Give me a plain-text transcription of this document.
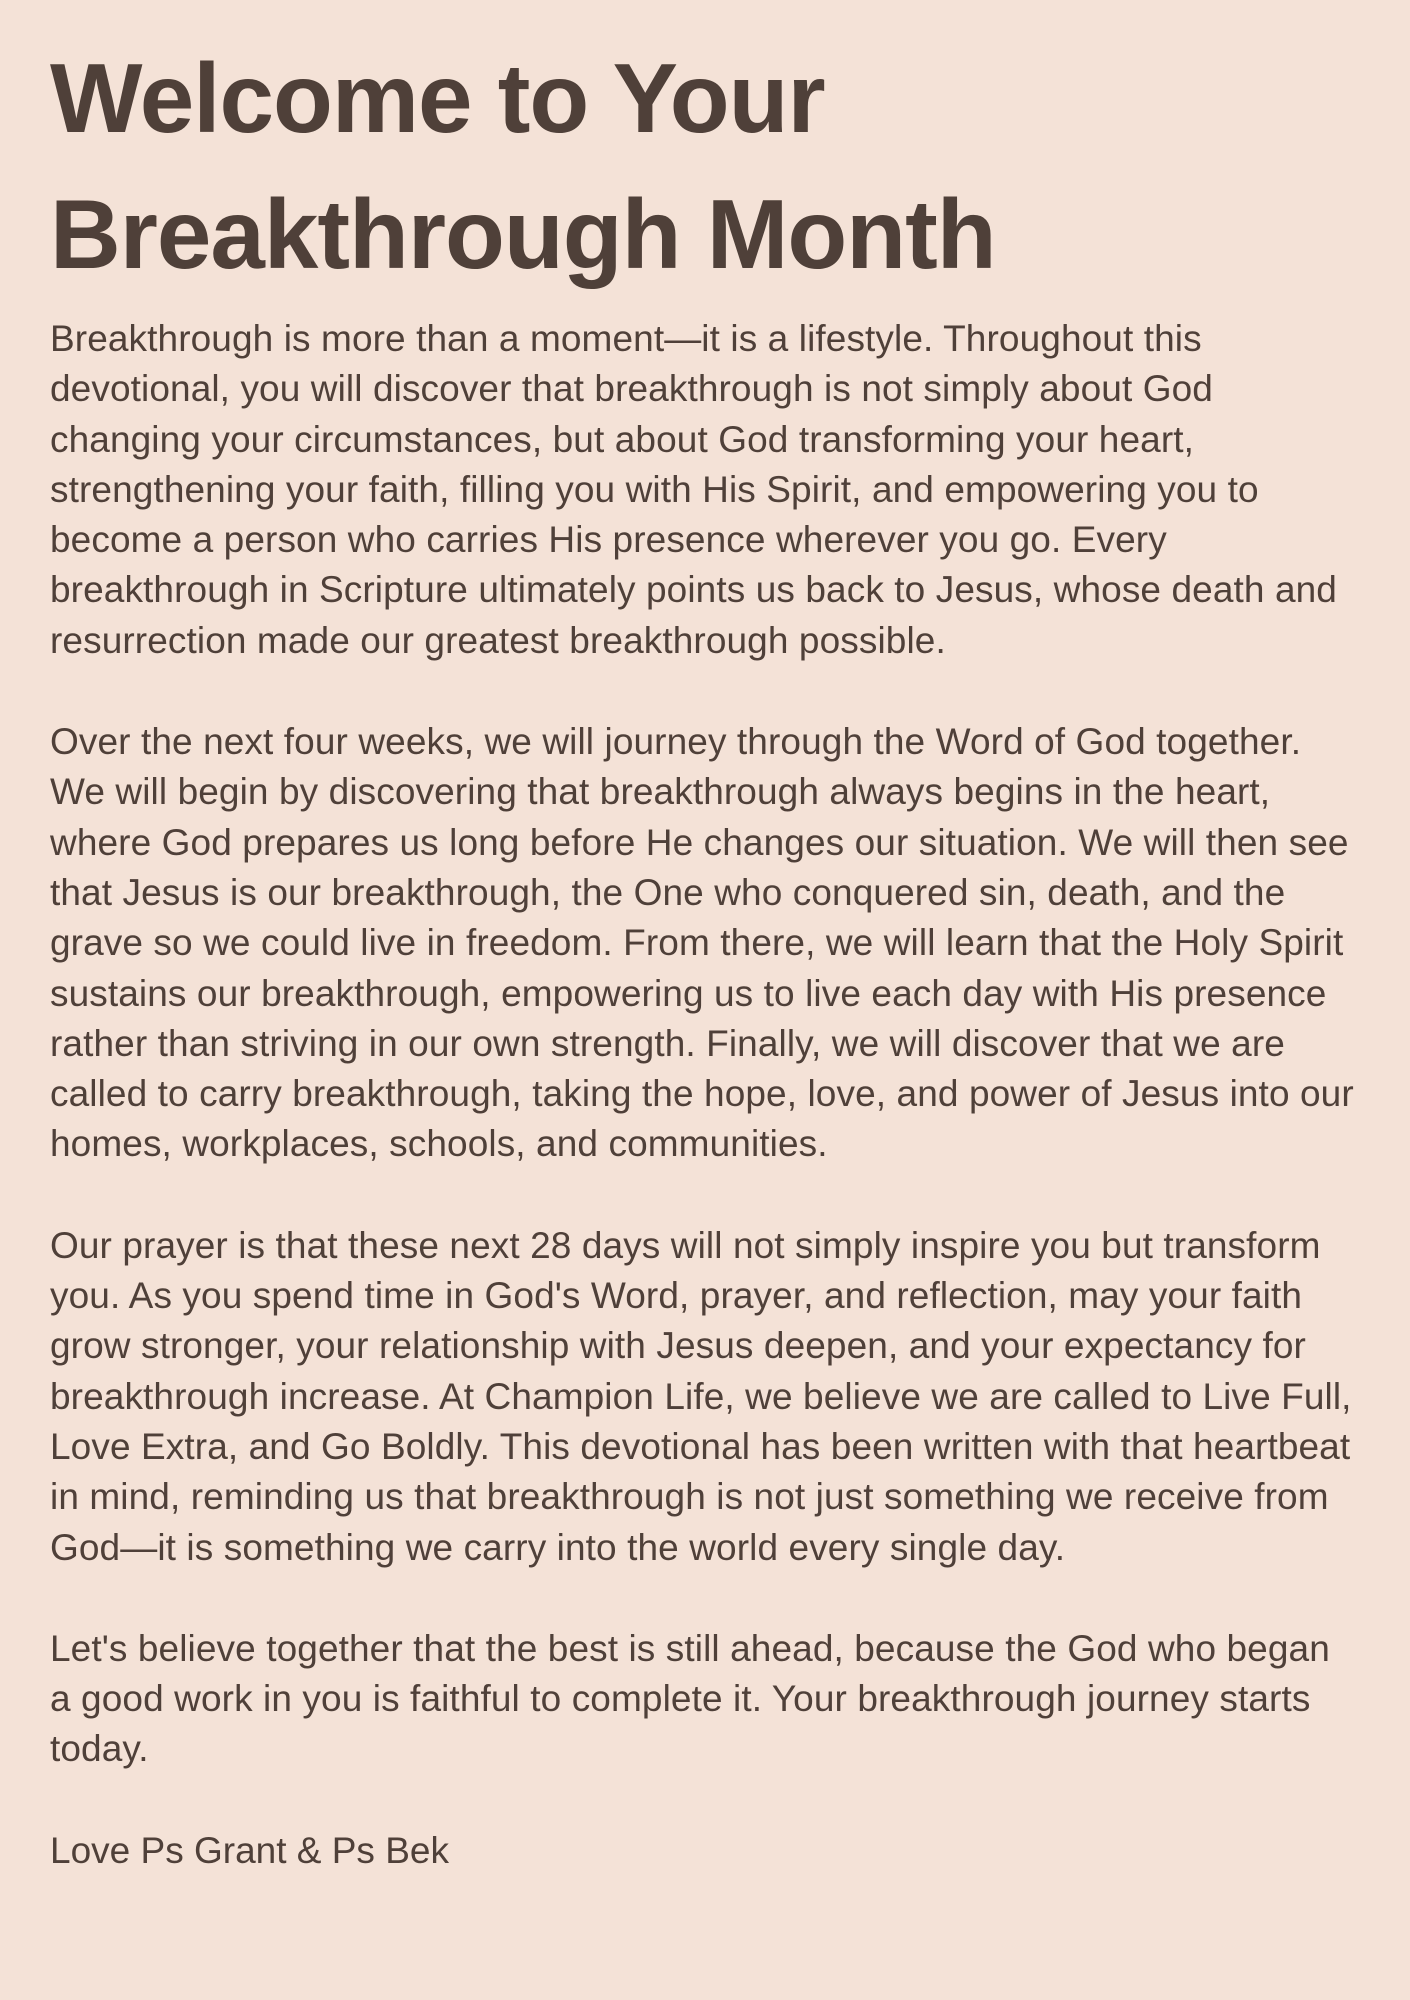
Welcome to Your
Breakthrough Month

Breakthrough is more than a moment—it is a lifestyle. Throughout this devotional, you will discover that breakthrough is not simply about God changing your circumstances, but about God transforming your heart, strengthening your faith, filling you with His Spirit, and empowering you to become a person who carries His presence wherever you go. Every breakthrough in Scripture ultimately points us back to Jesus, whose death and resurrection made our greatest breakthrough possible.

Over the next four weeks, we will journey through the Word of God together. We will begin by discovering that breakthrough always begins in the heart, where God prepares us long before He changes our situation. We will then see that Jesus is our breakthrough, the One who conquered sin, death, and the grave so we could live in freedom. From there, we will learn that the Holy Spirit sustains our breakthrough, empowering us to live each day with His presence rather than striving in our own strength. Finally, we will discover that we are called to carry breakthrough, taking the hope, love, and power of Jesus into our homes, workplaces, schools, and communities.

Our prayer is that these next 28 days will not simply inspire you but transform you. As you spend time in God's Word, prayer, and reflection, may your faith grow stronger, your relationship with Jesus deepen, and your expectancy for breakthrough increase. At Champion Life, we believe we are called to Live Full, Love Extra, and Go Boldly. This devotional has been written with that heartbeat in mind, reminding us that breakthrough is not just something we receive from God—it is something we carry into the world every single day.

Let's believe together that the best is still ahead, because the God who began a good work in you is faithful to complete it. Your breakthrough journey starts today.

Love Ps Grant & Ps Bek
